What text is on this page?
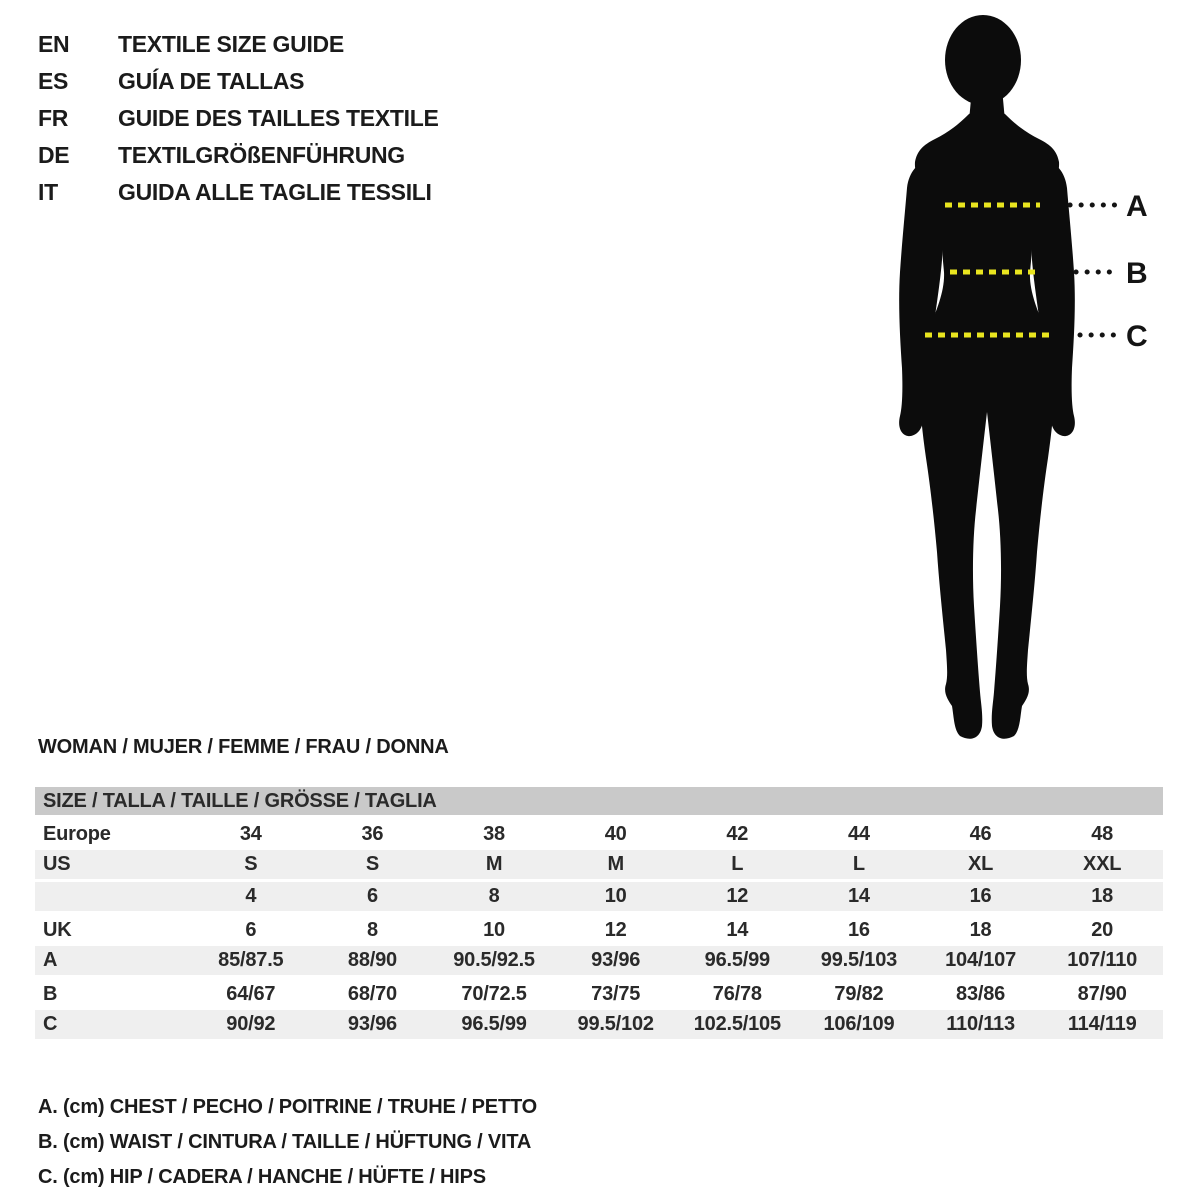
EN TEXTILE SIZE GUIDE
ES GUÍA DE TALLAS
FR GUIDE DES TAILLES TEXTILE
DE TEXTILGRÖßENFÜHRUNG
IT	GUIDA ALLE TAGLIE TESSILI	A
B
C
WOMAN / MUJER / FEMME / FRAU / DONNA
SIZE / TALLA / TAILLE / GRÖSSE / TAGLIA
Europe	34	36	38	40	42	44	46	48
US	S	S	M	M	L	L	XL	XXL
	4	6	8	10	12	14	16	18
UK	6	8	10	12	14	16	18	20
A	85/87.5	88/90	90.5/92.5	93/96	96.5/99	99.5/103	104/107	107/110
B	64/67	68/70	70/72.5	73/75	76/78	79/82	83/86	87/90
C	90/92	93/96	96.5/99	99.5/102	102.5/105	106/109	110/113	114/119
A. (cm) CHEST / PECHO / POITRINE / TRUHE / PETTO
B. (cm) WAIST / CINTURA / TAILLE / HÜFTUNG / VITA
C. (cm) HIP / CADERA / HANCHE / HÜFTE / HIPS
